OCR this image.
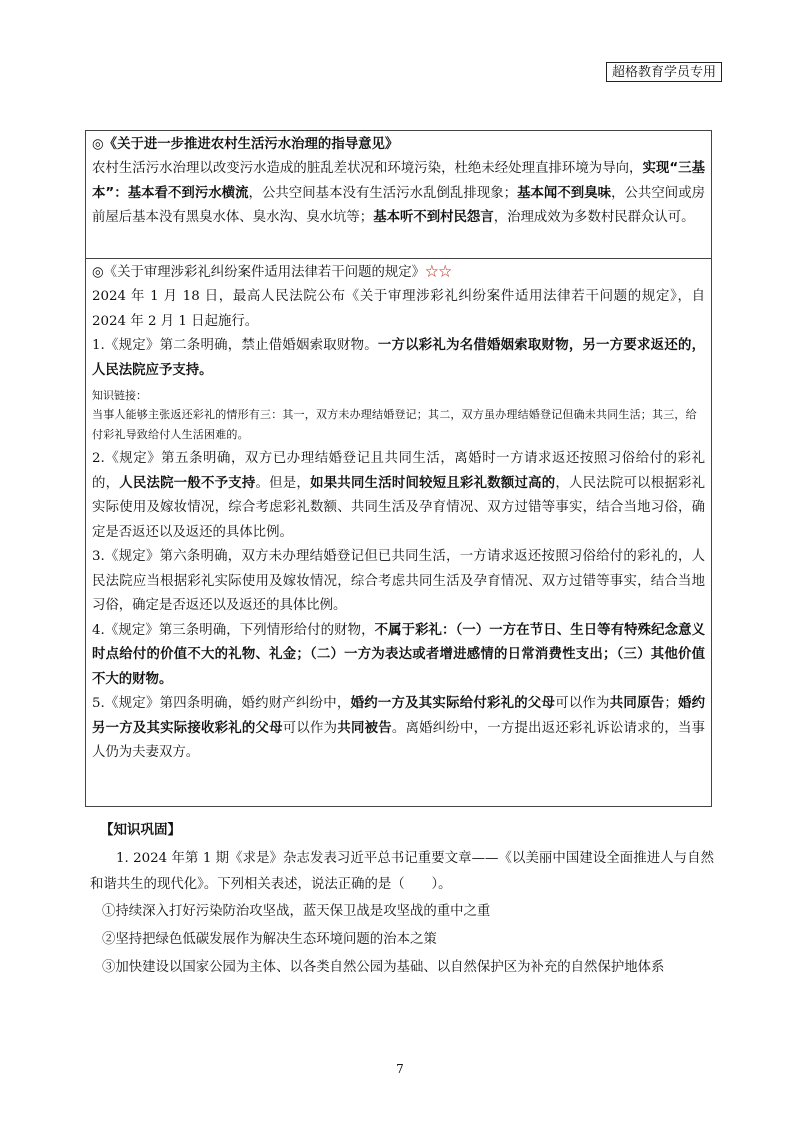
超格教育学员专用

◎《关于进一步推进农村生活污水治理的指导意见》

农村生活污水治理以改变污水造成的脏乱差状况和环境污染，杜绝未经处理直排环境为导向，实现“三基本”：基本看不到污水横流，公共空间基本没有生活污水乱倒乱排现象；基本闻不到臭味，公共空间或房前屋后基本没有黑臭水体、臭水沟、臭水坑等；基本听不到村民怨言，治理成效为多数村民群众认可。

◎《关于审理涉彩礼纠纷案件适用法律若干问题的规定》☆☆

2024 年 1 月 18 日，最高人民法院公布《关于审理涉彩礼纠纷案件适用法律若干问题的规定》，自 2024 年 2 月 1 日起施行。

1.《规定》第二条明确，禁止借婚姻索取财物。一方以彩礼为名借婚姻索取财物，另一方要求返还的，人民法院应予支持。

知识链接：

当事人能够主张返还彩礼的情形有三：其一，双方未办理结婚登记；其二，双方虽办理结婚登记但确未共同生活；其三，给付彩礼导致给付人生活困难的。

2.《规定》第五条明确，双方已办理结婚登记且共同生活，离婚时一方请求返还按照习俗给付的彩礼的，人民法院一般不予支持。但是，如果共同生活时间较短且彩礼数额过高的，人民法院可以根据彩礼实际使用及嫁妆情况，综合考虑彩礼数额、共同生活及孕育情况、双方过错等事实，结合当地习俗，确定是否返还以及返还的具体比例。

3.《规定》第六条明确，双方未办理结婚登记但已共同生活，一方请求返还按照习俗给付的彩礼的，人民法院应当根据彩礼实际使用及嫁妆情况，综合考虑共同生活及孕育情况、双方过错等事实，结合当地习俗，确定是否返还以及返还的具体比例。

4.《规定》第三条明确，下列情形给付的财物，不属于彩礼：（一）一方在节日、生日等有特殊纪念意义时点给付的价值不大的礼物、礼金；（二）一方为表达或者增进感情的日常消费性支出；（三）其他价值不大的财物。

5.《规定》第四条明确，婚约财产纠纷中，婚约一方及其实际给付彩礼的父母可以作为共同原告；婚约另一方及其实际接收彩礼的父母可以作为共同被告。离婚纠纷中，一方提出返还彩礼诉讼请求的，当事人仍为夫妻双方。

【知识巩固】

1. 2024 年第 1 期《求是》杂志发表习近平总书记重要文章——《以美丽中国建设全面推进人与自然和谐共生的现代化》。下列相关表述，说法正确的是（　　）。

①持续深入打好污染防治攻坚战，蓝天保卫战是攻坚战的重中之重

②坚持把绿色低碳发展作为解决生态环境问题的治本之策

③加快建设以国家公园为主体、以各类自然公园为基础、以自然保护区为补充的自然保护地体系

7
